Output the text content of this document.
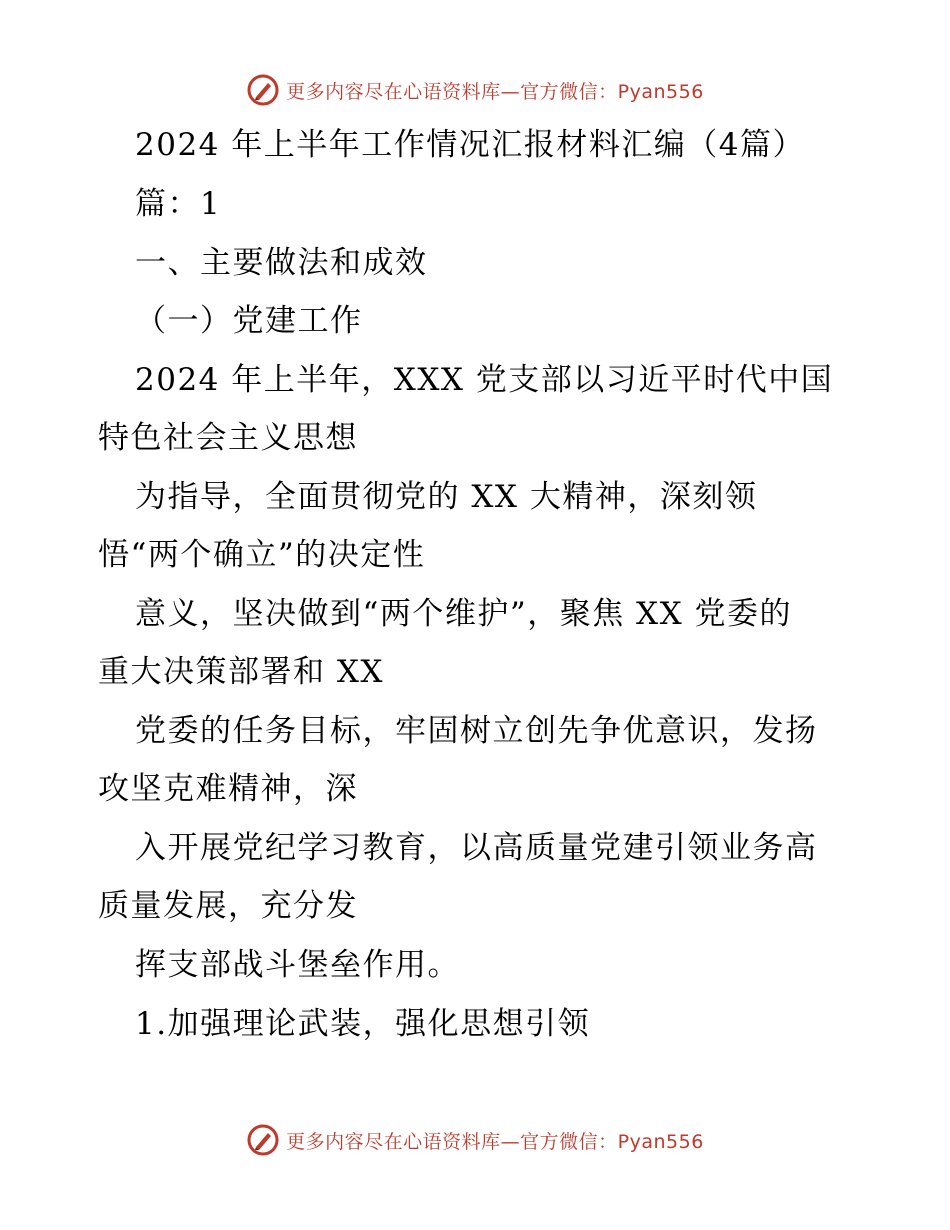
更多内容尽在心语资料库—官方微信：Pyan556
2024 年上半年工作情况汇报材料汇编（4篇）
篇：1
一、主要做法和成效
（一）党建工作
2024 年上半年，XXX 党支部以习近平时代中国
特色社会主义思想
为指导，全面贯彻党的 XX 大精神，深刻领
悟“两个确立”的决定性
意义，坚决做到“两个维护”，聚焦 XX 党委的
重大决策部署和 XX
党委的任务目标，牢固树立创先争优意识，发扬
攻坚克难精神，深
入开展党纪学习教育，以高质量党建引领业务高
质量发展，充分发
挥支部战斗堡垒作用。
1.加强理论武装，强化思想引领
更多内容尽在心语资料库—官方微信：Pyan556
